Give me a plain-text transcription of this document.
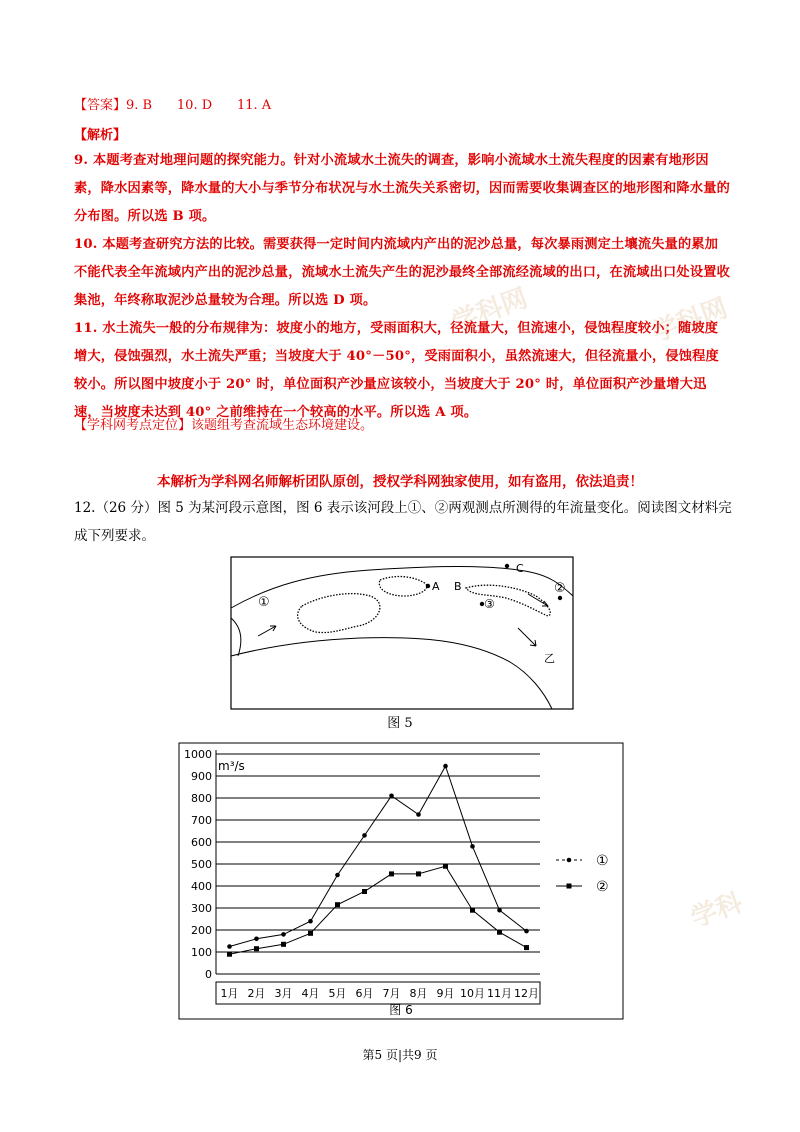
学科网
学科网
学科
【答案】9. B 10. D 11. A
【解析】
9. 本题考查对地理问题的探究能力。针对小流域水土流失的调查，影响小流域水土流失程度的因素有地形因素，降水因素等，降水量的大小与季节分布状况与水土流失关系密切，因而需要收集调查区的地形图和降水量的分布图。所以选 B 项。
10. 本题考查研究方法的比较。需要获得一定时间内流域内产出的泥沙总量，每次暴雨测定土壤流失量的累加不能代表全年流域内产出的泥沙总量，流域水土流失产生的泥沙最终全部流经流域的出口，在流域出口处设置收集池，年终称取泥沙总量较为合理。所以选 D 项。
11. 水土流失一般的分布规律为：坡度小的地方，受雨面积大，径流量大，但流速小，侵蚀程度较小；随坡度增大，侵蚀强烈，水土流失严重；当坡度大于 40°－50°，受雨面积小，虽然流速大，但径流量小，侵蚀程度较小。所以图中坡度小于 20° 时，单位面积产沙量应该较小，当坡度大于 20° 时，单位面积产沙量增大迅速，当坡度未达到 40° 之前维持在一个较高的水平。所以选 A 项。
【学科网考点定位】该题组考查流域生态环境建设。
本解析为学科网名师解析团队原创，授权学科网独家使用，如有盗用，依法追责！
12.（26 分）图 5 为某河段示意图，图 6 表示该河段上①、②两观测点所测得的年流量变化。阅读图文材料完成下列要求。
①
②
③
A B
C
乙
图 5
0
100
200
300
400
500
600
700
800
900
1000
1月 2月 3月 4月 5月 6月 7月 8月 9月 10月 11月 12月
①
②
m³/s
图 6
第5 页|共9 页
